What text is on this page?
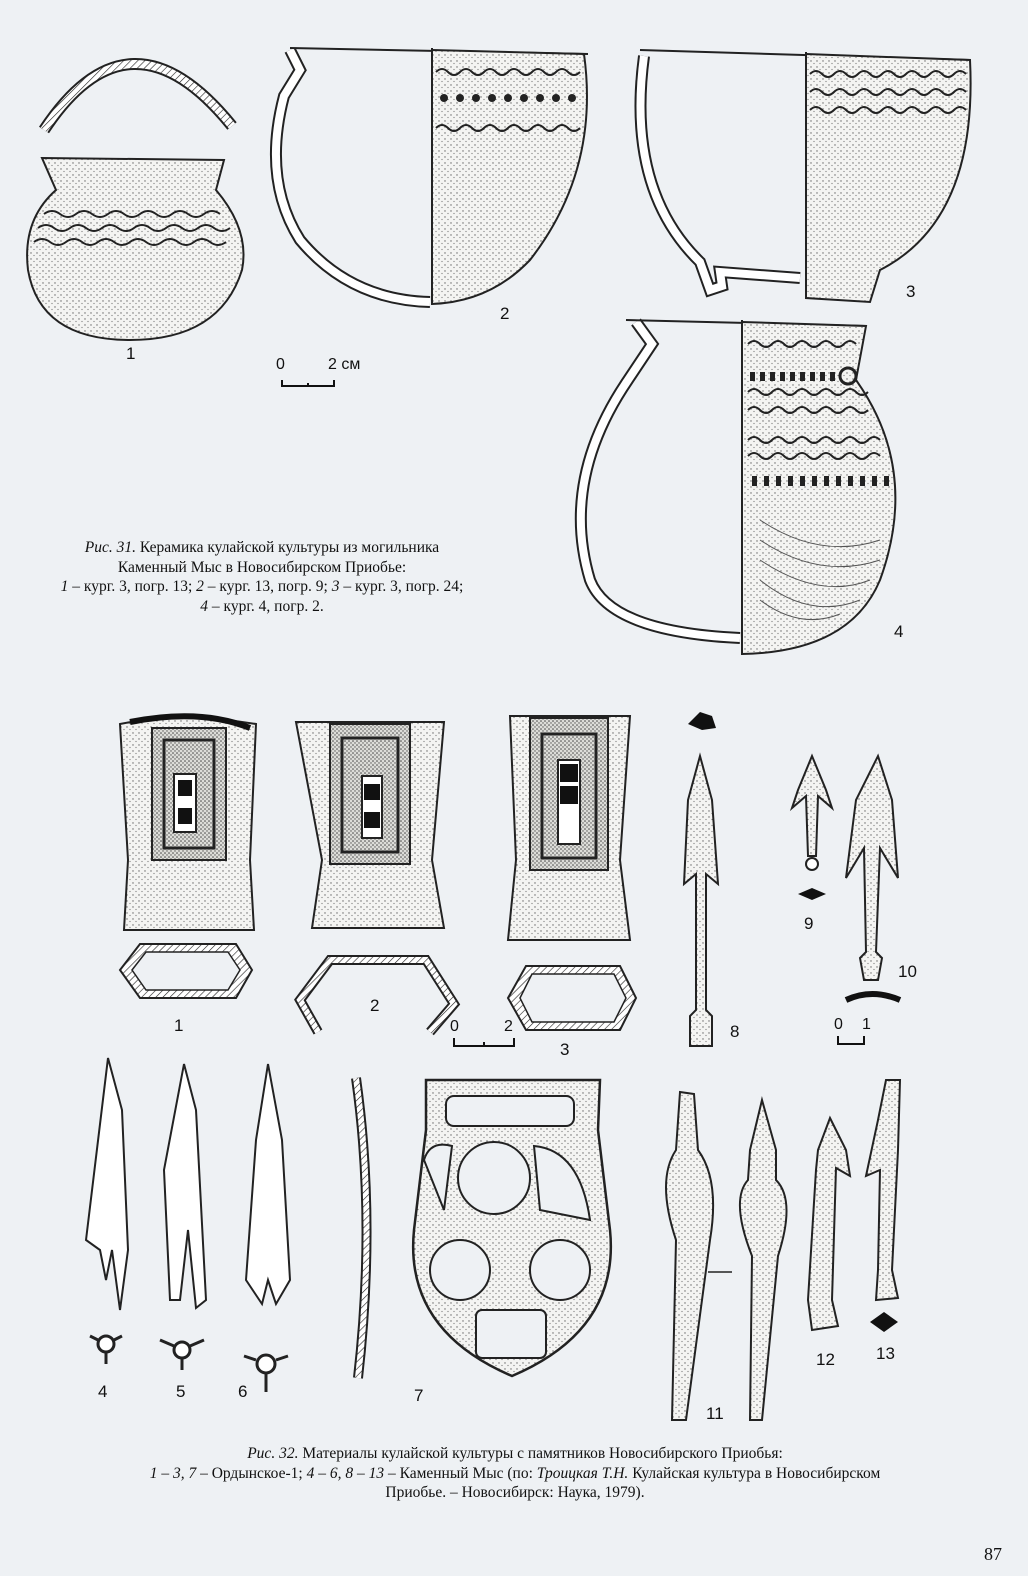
1
2
3
4
0	2 см
Рис. 31. Керамика кулайской культуры из могильника
Каменный Мыс в Новосибирском Приобье:
1 – кург. 3, погр. 13; 2 – кург. 13, погр. 9; 3 – кург. 3, погр. 24;
4 – кург. 4, погр. 2.
1
2
3
4	5	6	7
8
9
10
11
12 13
0	2	0 1
Рис. 32. Материалы кулайской культуры с памятников Новосибирского Приобья:
1 – 3, 7 – Ордынское-1; 4 – 6, 8 – 13 – Каменный Мыс (по: Троицкая Т.Н. Кулайская культура в Новосибирском
Приобье. – Новосибирск: Наука, 1979).
87
